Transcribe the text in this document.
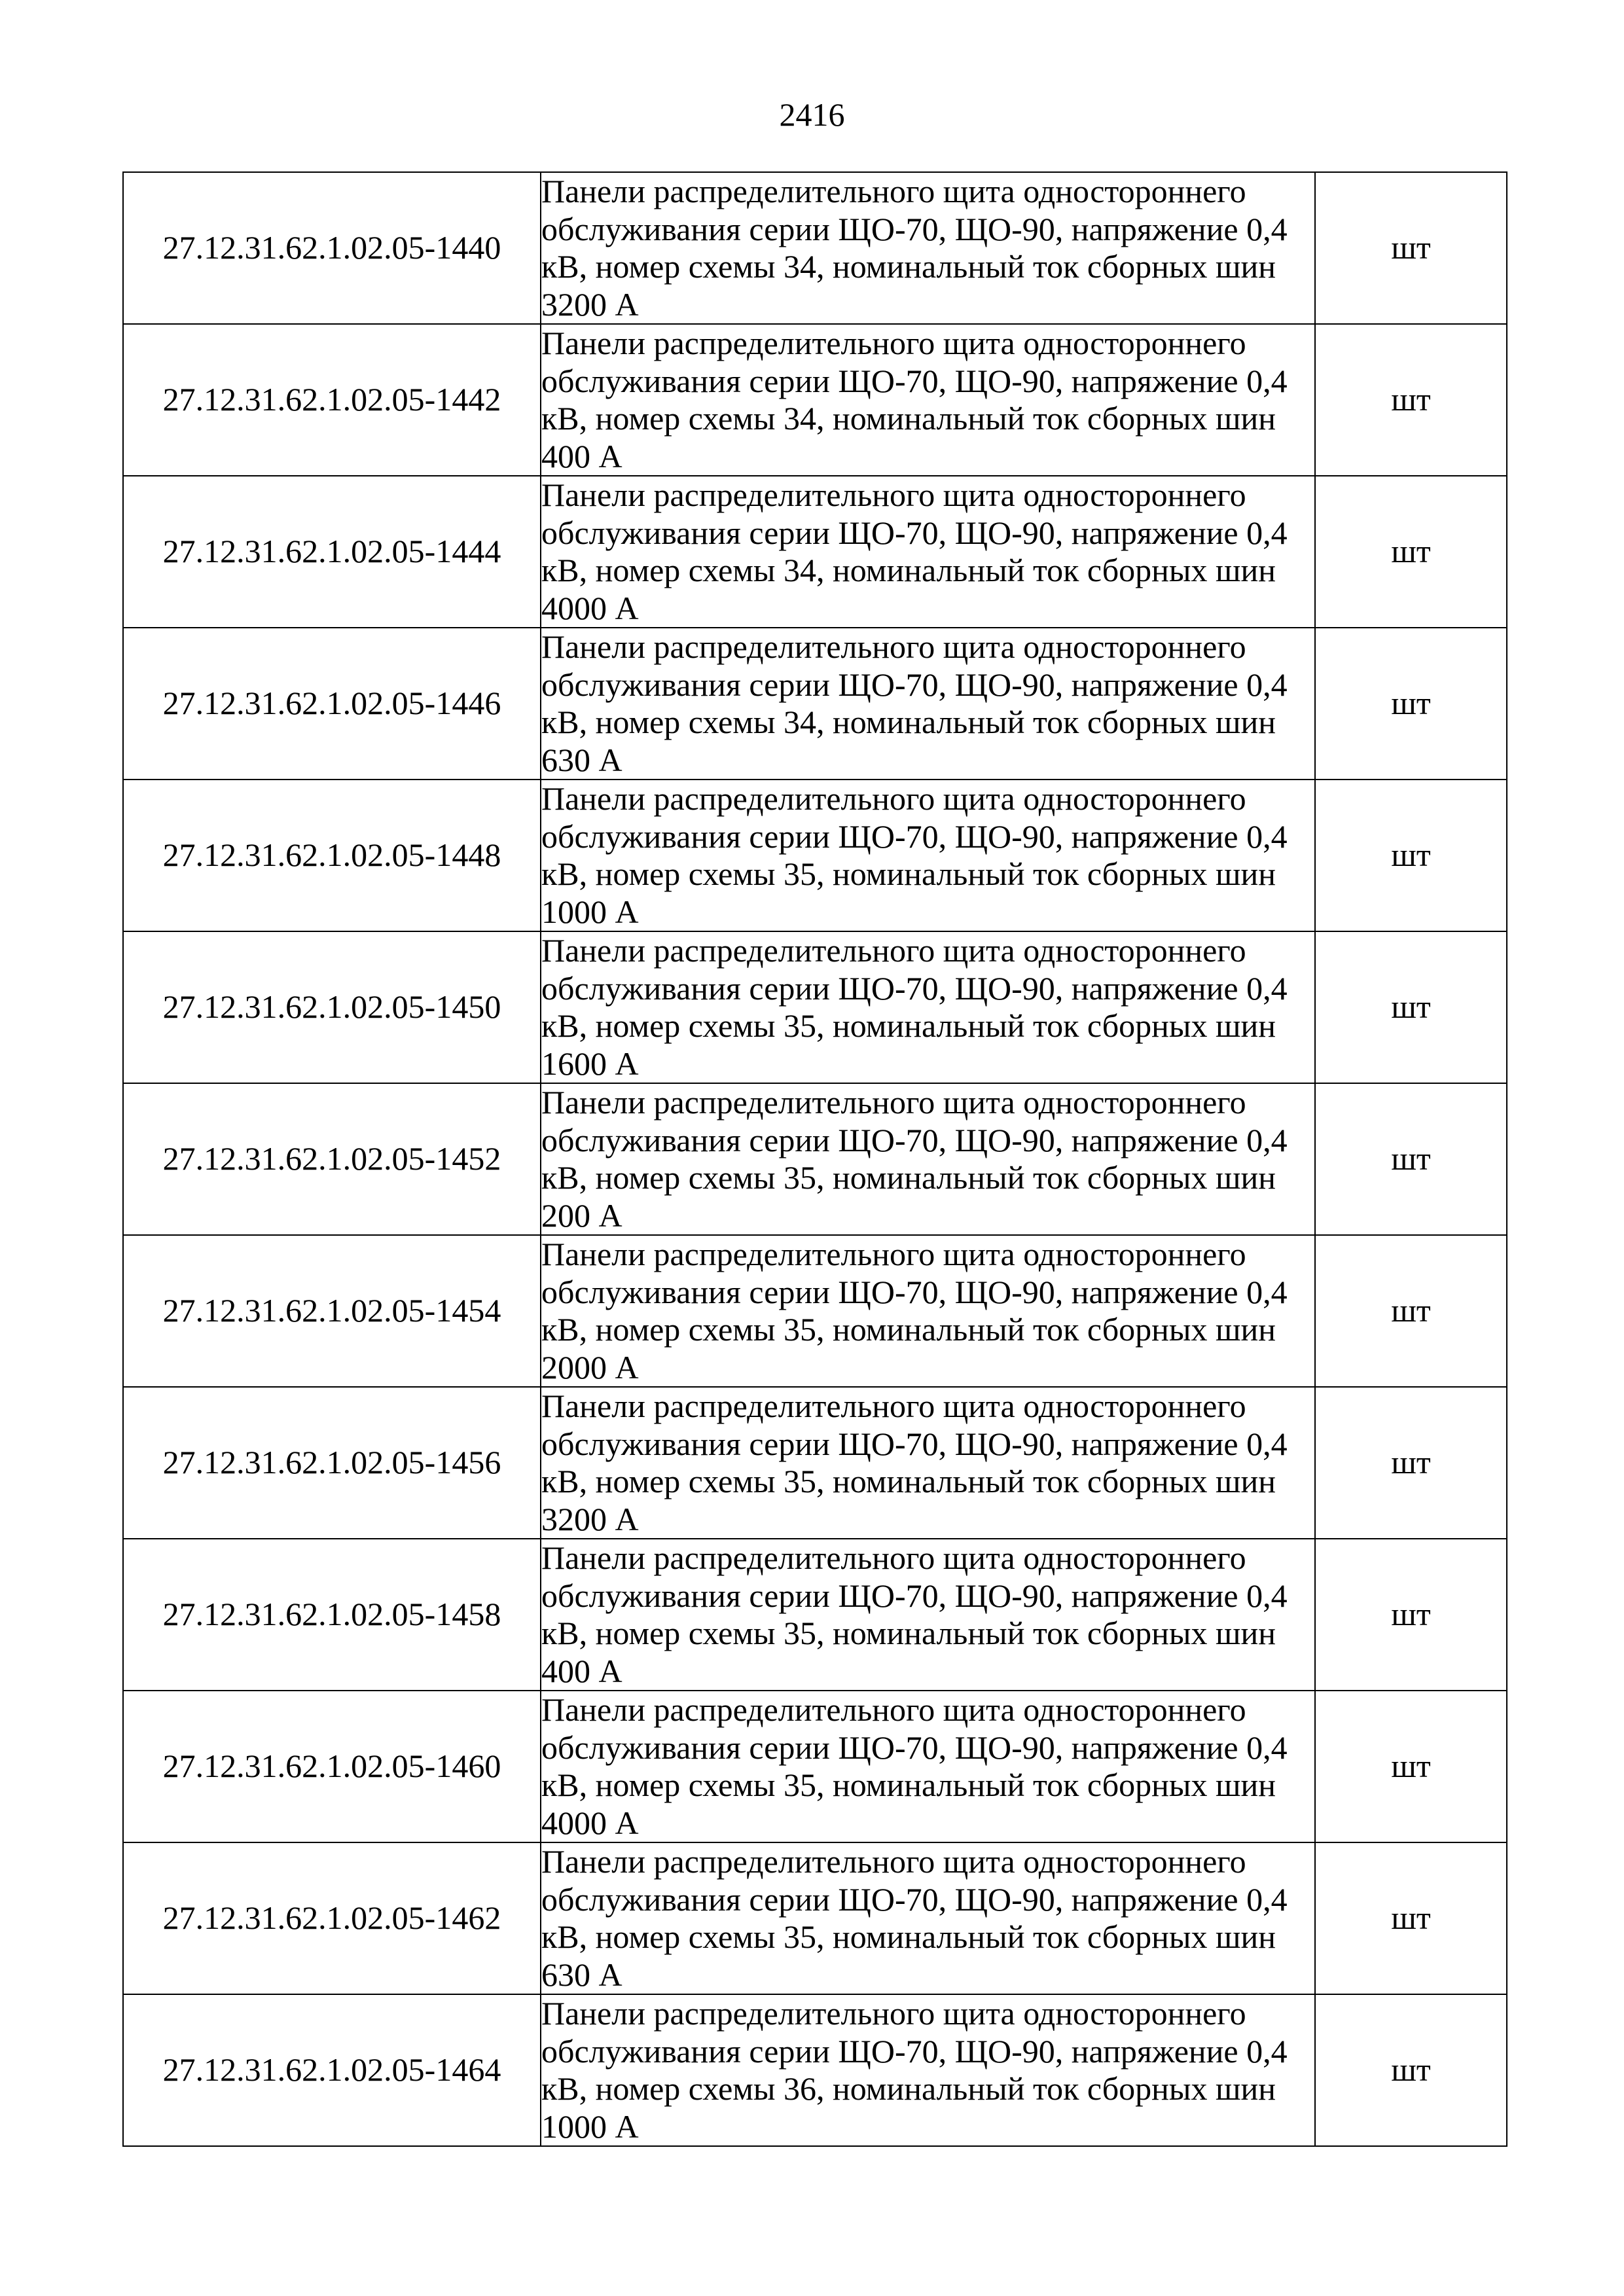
2416
27.12.31.62.1.02.05-1440	Панели распределительного щита одностороннего обслуживания серии ЩО-70, ЩО-90, напряжение 0,4 кВ, номер схемы 34, номинальный ток сборных шин 3200 А	шт
27.12.31.62.1.02.05-1442	Панели распределительного щита одностороннего обслуживания серии ЩО-70, ЩО-90, напряжение 0,4 кВ, номер схемы 34, номинальный ток сборных шин 400 А	шт
27.12.31.62.1.02.05-1444	Панели распределительного щита одностороннего обслуживания серии ЩО-70, ЩО-90, напряжение 0,4 кВ, номер схемы 34, номинальный ток сборных шин 4000 А	шт
27.12.31.62.1.02.05-1446	Панели распределительного щита одностороннего обслуживания серии ЩО-70, ЩО-90, напряжение 0,4 кВ, номер схемы 34, номинальный ток сборных шин 630 А	шт
27.12.31.62.1.02.05-1448	Панели распределительного щита одностороннего обслуживания серии ЩО-70, ЩО-90, напряжение 0,4 кВ, номер схемы 35, номинальный ток сборных шин 1000 А	шт
27.12.31.62.1.02.05-1450	Панели распределительного щита одностороннего обслуживания серии ЩО-70, ЩО-90, напряжение 0,4 кВ, номер схемы 35, номинальный ток сборных шин 1600 А	шт
27.12.31.62.1.02.05-1452	Панели распределительного щита одностороннего обслуживания серии ЩО-70, ЩО-90, напряжение 0,4 кВ, номер схемы 35, номинальный ток сборных шин 200 А	шт
27.12.31.62.1.02.05-1454	Панели распределительного щита одностороннего обслуживания серии ЩО-70, ЩО-90, напряжение 0,4 кВ, номер схемы 35, номинальный ток сборных шин 2000 А	шт
27.12.31.62.1.02.05-1456	Панели распределительного щита одностороннего обслуживания серии ЩО-70, ЩО-90, напряжение 0,4 кВ, номер схемы 35, номинальный ток сборных шин 3200 А	шт
27.12.31.62.1.02.05-1458	Панели распределительного щита одностороннего обслуживания серии ЩО-70, ЩО-90, напряжение 0,4 кВ, номер схемы 35, номинальный ток сборных шин 400 А	шт
27.12.31.62.1.02.05-1460	Панели распределительного щита одностороннего обслуживания серии ЩО-70, ЩО-90, напряжение 0,4 кВ, номер схемы 35, номинальный ток сборных шин 4000 А	шт
27.12.31.62.1.02.05-1462	Панели распределительного щита одностороннего обслуживания серии ЩО-70, ЩО-90, напряжение 0,4 кВ, номер схемы 35, номинальный ток сборных шин 630 А	шт
27.12.31.62.1.02.05-1464	Панели распределительного щита одностороннего обслуживания серии ЩО-70, ЩО-90, напряжение 0,4 кВ, номер схемы 36, номинальный ток сборных шин 1000 А	шт
